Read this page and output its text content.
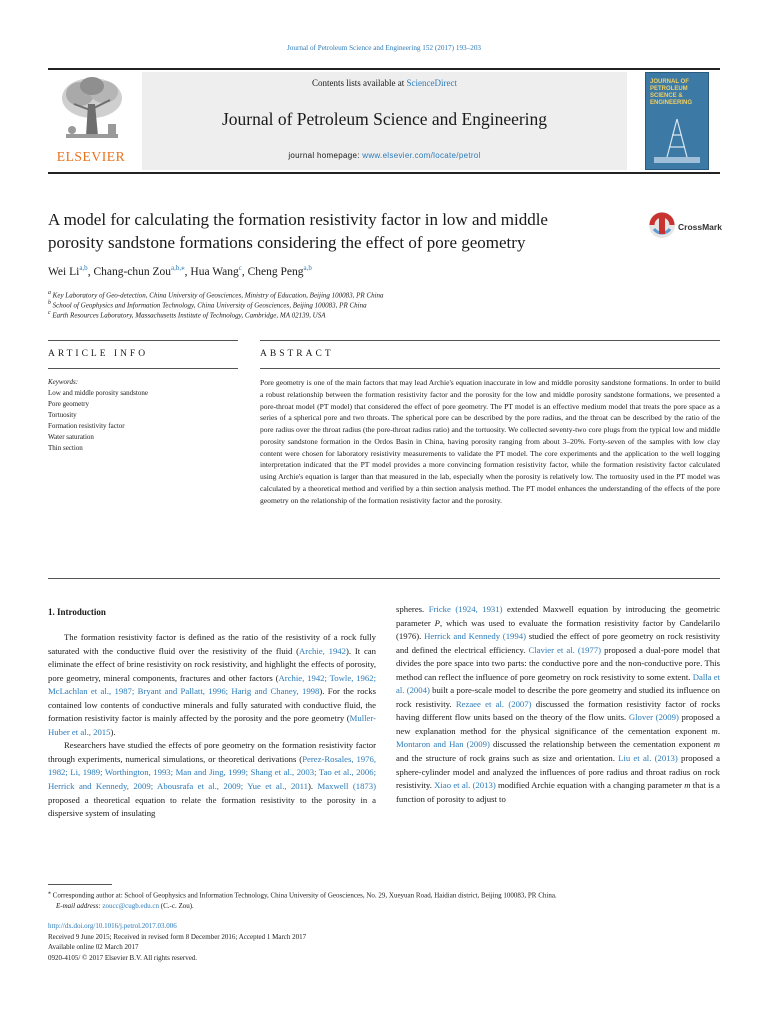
Journal of Petroleum Science and Engineering 152 (2017) 193–203
ELSEVIER
Contents lists available at ScienceDirect
Journal of Petroleum Science and Engineering
journal homepage: www.elsevier.com/locate/petrol
JOURNAL OF PETROLEUM SCIENCE & ENGINEERING
A model for calculating the formation resistivity factor in low and middle
porosity sandstone formations considering the effect of pore geometry
CrossMark
Wei Li$^{a,b}$, Chang-chun Zou$^{a,b,⁎}$, Hua Wang$^c$, Cheng Peng$^{a,b}$
$^a$ Key Laboratory of Geo-detection, China University of Geosciences, Ministry of Education, Beijing 100083, PR China
$^b$ School of Geophysics and Information Technology, China University of Geosciences, Beijing 100083, PR China
$^c$ Earth Resources Laboratory, Massachusetts Institute of Technology, Cambridge, MA 02139, USA
ARTICLE INFO	ABSTRACT
Keywords:
Low and middle porosity sandstone
Pore geometry
Tortuosity
Formation resistivity factor
Water saturation
Thin section
Pore geometry is one of the main factors that may lead Archie's equation inaccurate in low and middle porosity sandstone formations. In order to build a robust relationship between the formation resistivity factor and the porosity for the low and middle porosity sandstone formations, we presented a pore-throat model (PT model) that considered the effect of pore geometry. The PT model is an effective medium model that treats the pore space as a series of a spherical pore and two throats. The spherical pore can be described by the pore radius, and the throat can be described by the ratio of the pore radius over the throat radius (the pore-throat radius ratio) and the tortuosity. We collected seventy-two core plugs from the typical low and middle porosity sandstone formation in the Ordos Basin in China, having porosity ranging from about 3–20%. Forty-seven of the samples with low clay content were chosen for laboratory resistivity measurements to validate the PT model. The core experiments and the application to the well logging interpretation indicated that the PT model provides a more convincing formation resistivity factor, while the formation resistivity factor calculated using Archie's equation is larger than that measured in the lab, especially when the porosity is relatively low. The tortuosity used in the PT model was calculated by a theoretical method and verified by a thin section analysis method. The PT model enhances the understanding of the effects of the pore geometry on the relationship of the formation resistivity factor and the porosity.
1. Introduction
The formation resistivity factor is defined as the ratio of the resistivity of a rock fully saturated with the conductive fluid over the resistivity of the fluid (Archie, 1942). It can eliminate the effect of brine resistivity on rock resistivity, and highlight the effects of porosity, pore geometry, mineral components, fractures and other factors (Archie, 1942; Towle, 1962; McLachlan et al., 1987; Bryant and Pallatt, 1996; Harig and Chaney, 1998). For the rocks contained low contents of conductive minerals and fully saturated with conductive fluid, the formation resistivity factor is mainly affected by the porosity and the pore geometry (Muller-Huber et al., 2015).
Researchers have studied the effects of pore geometry on the formation resistivity factor through experiments, numerical simulations, or theoretical derivations (Perez-Rosales, 1976, 1982; Li, 1989; Worthington, 1993; Man and Jing, 1999; Shang et al., 2003; Tao et al., 2006; Herrick and Kennedy, 2009; Abousrafa et al., 2009; Yue et al., 2011). Maxwell (1873) proposed a theoretical equation to relate the formation resistivity to the porosity in a dispersive system of insulating
spheres. Fricke (1924, 1931) extended Maxwell equation by introducing the geometric parameter P, which was used to evaluate the formation resistivity factor by Candelarilo (1976). Herrick and Kennedy (1994) studied the effect of pore geometry on rock resistivity and defined the electrical efficiency. Clavier et al. (1977) proposed a dual-pore model that divides the pore space into two parts: the conductive pore and the non-conductive pore. This method can reflect the influence of pore geometry on rock resistivity to some extent. Dalla et al. (2004) built a pore-scale model to describe the pore geometry and studied its influence on rock resistivity. Rezaee et al. (2007) discussed the formation resistivity factor of rocks having different flow units based on the theory of the flow units. Glover (2009) proposed a new explanation method for the physical significance of the cementation exponent m. Montaron and Han (2009) discussed the relationship between the cementation exponent m and the structure of rock grains such as size and orientation. Liu et al. (2013) proposed a sphere-cylinder model and analyzed the influences of pore radius and throat radius on rock resistivity. Xiao et al. (2013) modified Archie equation with a changing parameter m that is a function of porosity to adjust to
⁎ Corresponding author at: School of Geophysics and Information Technology, China University of Geosciences, No. 29, Xueyuan Road, Haidian district, Beijing 100083, PR China.
E-mail address: zoucc@cugb.edu.cn (C.-c. Zou).
http://dx.doi.org/10.1016/j.petrol.2017.03.006
Received 9 June 2015; Received in revised form 8 December 2016; Accepted 1 March 2017
Available online 02 March 2017
0920-4105/ © 2017 Elsevier B.V. All rights reserved.
